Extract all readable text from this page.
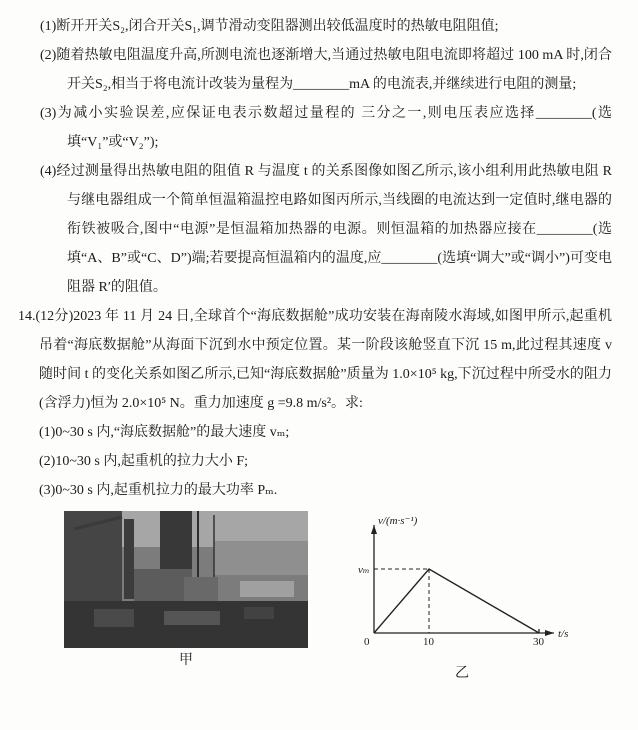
(1)断开开关S₂,闭合开关S₁,调节滑动变阻器测出较低温度时的热敏电阻阻值;

(2)随着热敏电阻温度升高,所测电流也逐渐增大,当通过热敏电阻电流即将超过 100 mA 时,闭合开关S₂,相当于将电流计改装为量程为________mA 的电流表,并继续进行电阻的测量;

(3)为减小实验误差,应保证电表示数超过量程的 三分之一,则电压表应选择________(选填“V₁”或“V₂”);

(4)经过测量得出热敏电阻的阻值 R 与温度 t 的关系图像如图乙所示,该小组利用此热敏电阻 R 与继电器组成一个简单恒温箱温控电路如图丙所示,当线圈的电流达到一定值时,继电器的衔铁被吸合,图中“电源”是恒温箱加热器的电源。则恒温箱的加热器应接在________(选填“A、B”或“C、D”)端;若要提高恒温箱内的温度,应________(选填“调大”或“调小”)可变电阻器 R′的阻值。

14.(12分)2023 年 11 月 24 日,全球首个“海底数据舱”成功安装在海南陵水海域,如图甲所示,起重机吊着“海底数据舱”从海面下沉到水中预定位置。某一阶段该舱竖直下沉 15 m,此过程其速度 v 随时间 t 的变化关系如图乙所示,已知“海底数据舱”质量为 1.0×10⁵ kg,下沉过程中所受水的阻力(含浮力)恒为 2.0×10⁵ N。重力加速度 g =9.8 m/s²。求:

(1)0~30 s 内,“海底数据舱”的最大速度 vₘ;

(2)10~30 s 内,起重机的拉力大小 F;

(3)0~30 s 内,起重机拉力的最大功率 Pₘ.

甲
v/(m·s⁻¹)
vₘ
0	10	30
t/s
乙
